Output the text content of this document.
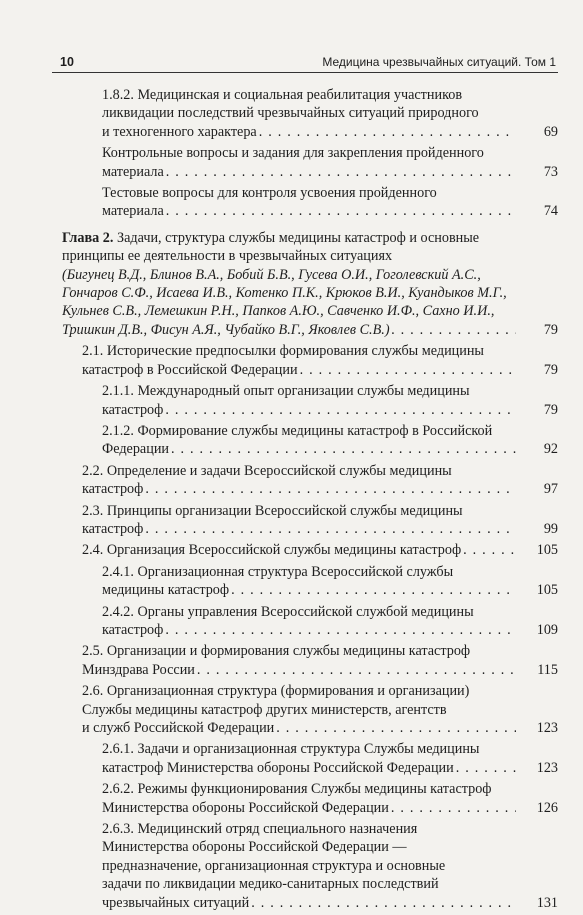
10	Медицина чрезвычайных ситуаций. Том 1
1.8.2. Медицинская и социальная реабилитация участников
ликвидации последствий чрезвычайных ситуаций природного
и техногенного характера . . .	69
Контрольные вопросы и задания для закрепления пройденного
материала . . .	73
Тестовые вопросы для контроля усвоения пройденного
материала . . .	74
Глава 2. Задачи, структура службы медицины катастроф и основные
принципы ее деятельности в чрезвычайных ситуациях
(Бигунец В.Д., Блинов В.А., Бобий Б.В., Гусева О.И., Гоголевский А.С.,
Гончаров С.Ф., Исаева И.В., Котенко П.К., Крюков В.И., Куандыков М.Г.,
Кульнев С.В., Лемешкин Р.Н., Папков А.Ю., Савченко И.Ф., Сахно И.И.,
Тришкин Д.В., Фисун А.Я., Чубайко В.Г., Яковлев С.В.) . . .	79
2.1. Исторические предпосылки формирования службы медицины
катастроф в Российской Федерации . . .	79
2.1.1. Международный опыт организации службы медицины
катастроф . . .	79
2.1.2. Формирование службы медицины катастроф в Российской
Федерации . . .	92
2.2. Определение и задачи Всероссийской службы медицины
катастроф . . .	97
2.3. Принципы организации Всероссийской службы медицины
катастроф . . .	99
2.4. Организация Всероссийской службы медицины катастроф . . .	105
2.4.1. Организационная структура Всероссийской службы
медицины катастроф . . .	105
2.4.2. Органы управления Всероссийской службой медицины
катастроф . . .	109
2.5. Организации и формирования службы медицины катастроф
Минздрава России . . .	115
2.6. Организационная структура (формирования и организации)
Службы медицины катастроф других министерств, агентств
и служб Российской Федерации . . .	123
2.6.1. Задачи и организационная структура Службы медицины
катастроф Министерства обороны Российской Федерации . . .	123
2.6.2. Режимы функционирования Службы медицины катастроф
Министерства обороны Российской Федерации . . .	126
2.6.3. Медицинский отряд специального назначения
Министерства обороны Российской Федерации —
предназначение, организационная структура и основные
задачи по ликвидации медико-санитарных последствий
чрезвычайных ситуаций . . .	131
